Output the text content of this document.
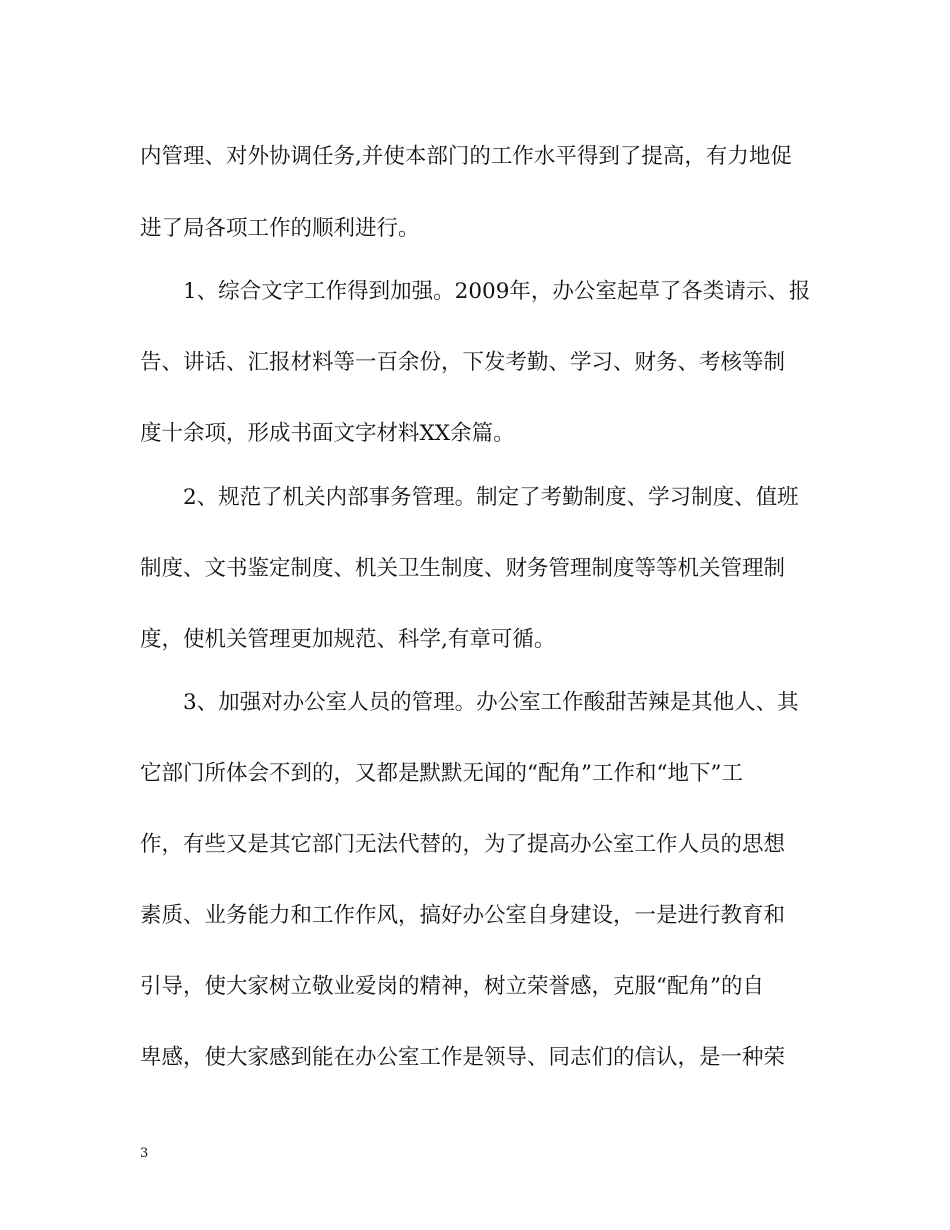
内管理、对外协调任务,并使本部门的工作水平得到了提高，有力地促
进了局各项工作的顺利进行。
1、综合文字工作得到加强。2009年，办公室起草了各类请示、报
告、讲话、汇报材料等一百余份，下发考勤、学习、财务、考核等制
度十余项，形成书面文字材料XX余篇。
2、规范了机关内部事务管理。制定了考勤制度、学习制度、值班
制度、文书鉴定制度、机关卫生制度、财务管理制度等等机关管理制
度，使机关管理更加规范、科学,有章可循。
3、加强对办公室人员的管理。办公室工作酸甜苦辣是其他人、其
它部门所体会不到的，又都是默默无闻的“配角”工作和“地下”工
作，有些又是其它部门无法代替的，为了提高办公室工作人员的思想
素质、业务能力和工作作风，搞好办公室自身建设，一是进行教育和
引导，使大家树立敬业爱岗的精神，树立荣誉感，克服“配角”的自
卑感，使大家感到能在办公室工作是领导、同志们的信认，是一种荣
3
